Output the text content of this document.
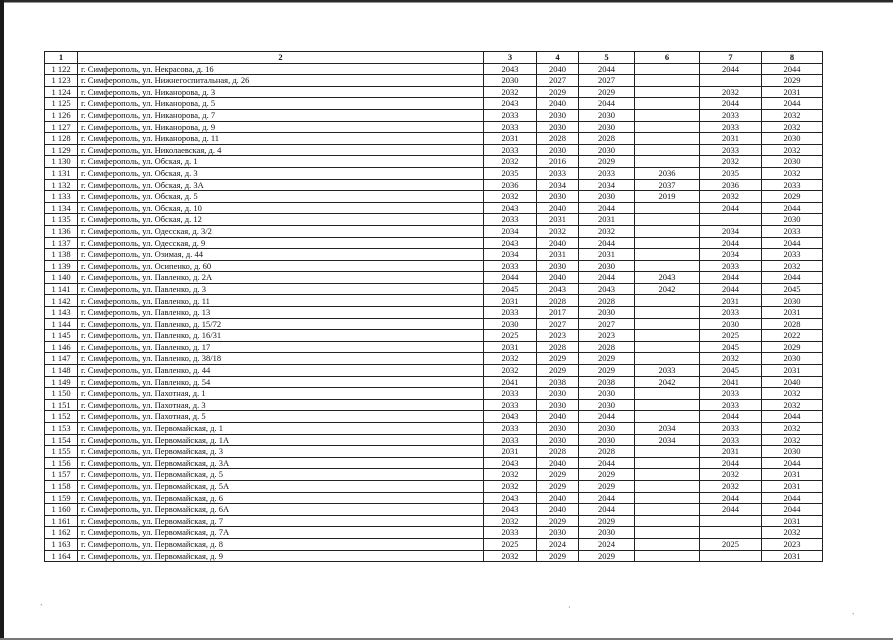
1	2	3	4	5	6	7	8
1 122	г. Симферополь, ул. Некрасова, д. 16	2043	2040	2044		2044	2044
1 123	г. Симферополь, ул. Нижнегоспитальная, д. 26	2030	2027	2027			2029
1 124	г. Симферополь, ул. Никанорова, д. 3	2032	2029	2029		2032	2031
1 125	г. Симферополь, ул. Никанорова, д. 5	2043	2040	2044		2044	2044
1 126	г. Симферополь, ул. Никанорова, д. 7	2033	2030	2030		2033	2032
1 127	г. Симферополь, ул. Никанорова, д. 9	2033	2030	2030		2033	2032
1 128	г. Симферополь, ул. Никанорова, д. 11	2031	2028	2028		2031	2030
1 129	г. Симферополь, ул. Николаевская, д. 4	2033	2030	2030		2033	2032
1 130	г. Симферополь, ул. Обская, д. 1	2032	2016	2029		2032	2030
1 131	г. Симферополь, ул. Обская, д. 3	2035	2033	2033	2036	2035	2032
1 132	г. Симферополь, ул. Обская, д. 3А	2036	2034	2034	2037	2036	2033
1 133	г. Симферополь, ул. Обская, д. 5	2032	2030	2030	2019	2032	2029
1 134	г. Симферополь, ул. Обская, д. 10	2043	2040	2044		2044	2044
1 135	г. Симферополь, ул. Обская, д. 12	2033	2031	2031			2030
1 136	г. Симферополь, ул. Одесская, д. 3/2	2034	2032	2032		2034	2033
1 137	г. Симферополь, ул. Одесская, д. 9	2043	2040	2044		2044	2044
1 138	г. Симферополь, ул. Озимая, д. 44	2034	2031	2031		2034	2033
1 139	г. Симферополь, ул. Осипенко, д. 60	2033	2030	2030		2033	2032
1 140	г. Симферополь, ул. Павленко, д. 2А	2044	2040	2044	2043	2044	2044
1 141	г. Симферополь, ул. Павленко, д. 3	2045	2043	2043	2042	2044	2045
1 142	г. Симферополь, ул. Павленко, д. 11	2031	2028	2028		2031	2030
1 143	г. Симферополь, ул. Павленко, д. 13	2033	2017	2030		2033	2031
1 144	г. Симферополь, ул. Павленко, д. 15/72	2030	2027	2027		2030	2028
1 145	г. Симферополь, ул. Павленко, д. 16/31	2025	2023	2023		2025	2022
1 146	г. Симферополь, ул. Павленко, д. 17	2031	2028	2028		2045	2029
1 147	г. Симферополь, ул. Павленко, д. 38/18	2032	2029	2029		2032	2030
1 148	г. Симферополь, ул. Павленко, д. 44	2032	2029	2029	2033	2045	2031
1 149	г. Симферополь, ул. Павленко, д. 54	2041	2038	2038	2042	2041	2040
1 150	г. Симферополь, ул. Пахотная, д. 1	2033	2030	2030		2033	2032
1 151	г. Симферополь, ул. Пахотная, д. 3	2033	2030	2030		2033	2032
1 152	г. Симферополь, ул. Пахотная, д. 5	2043	2040	2044		2044	2044
1 153	г. Симферополь, ул. Первомайская, д. 1	2033	2030	2030	2034	2033	2032
1 154	г. Симферополь, ул. Первомайская, д. 1А	2033	2030	2030	2034	2033	2032
1 155	г. Симферополь, ул. Первомайская, д. 3	2031	2028	2028		2031	2030
1 156	г. Симферополь, ул. Первомайская, д. 3А	2043	2040	2044		2044	2044
1 157	г. Симферополь, ул. Первомайская, д. 5	2032	2029	2029		2032	2031
1 158	г. Симферополь, ул. Первомайская, д. 5А	2032	2029	2029		2032	2031
1 159	г. Симферополь, ул. Первомайская, д. 6	2043	2040	2044		2044	2044
1 160	г. Симферополь, ул. Первомайская, д. 6А	2043	2040	2044		2044	2044
1 161	г. Симферополь, ул. Первомайская, д. 7	2032	2029	2029			2031
1 162	г. Симферополь, ул. Первомайская, д. 7А	2033	2030	2030			2032
1 163	г. Симферополь, ул. Первомайская, д. 8	2025	2024	2024		2025	2023
1 164	г. Симферополь, ул. Первомайская, д. 9	2032	2029	2029			2031
ˋ	·
ˋ
